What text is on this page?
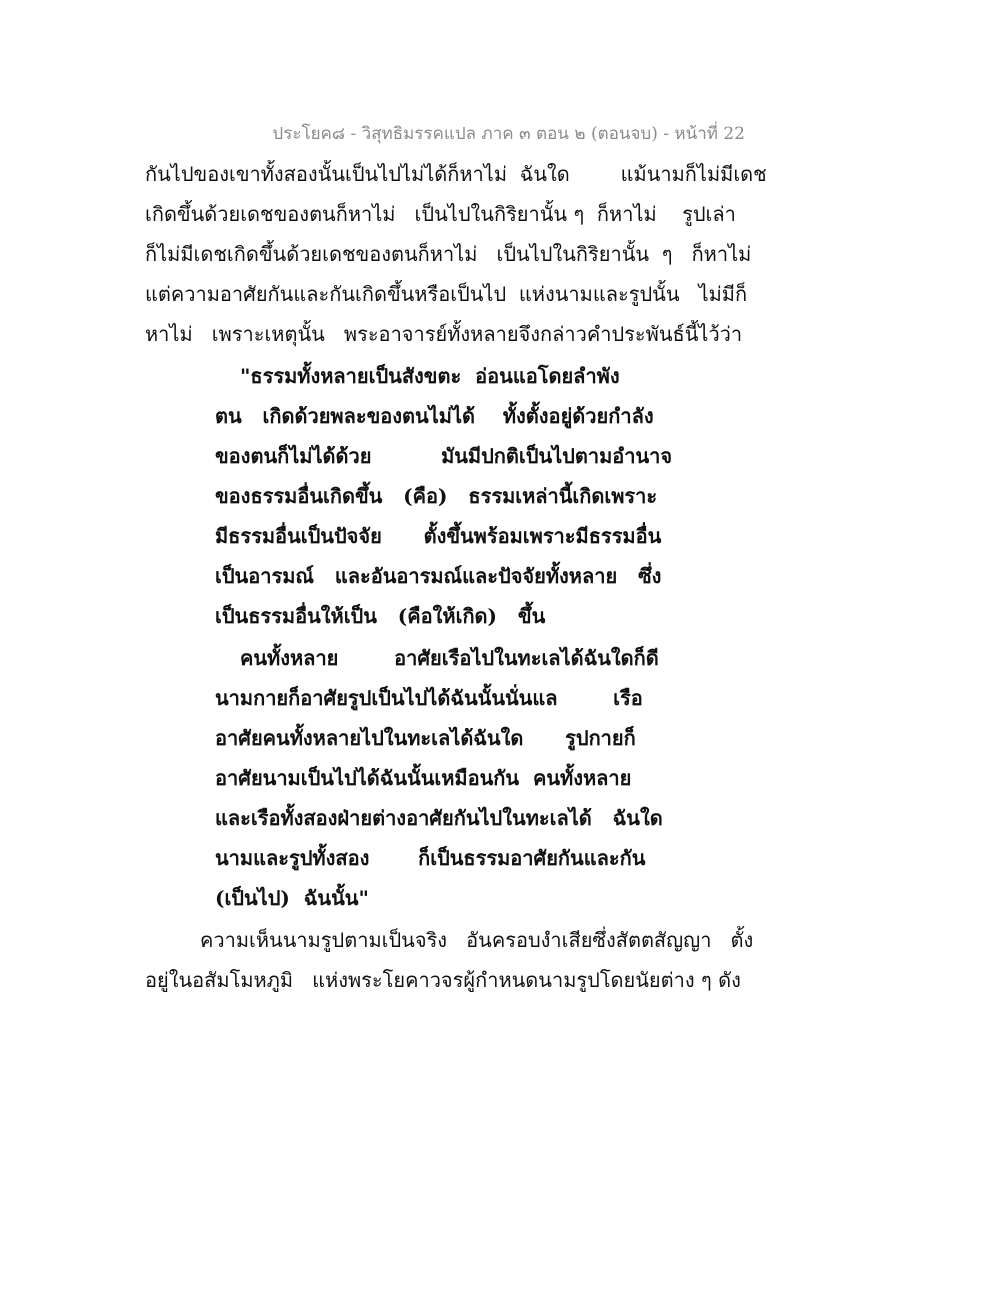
ประโยค๘ - วิสุทธิมรรคแปล ภาค ๓ ตอน ๒ (ตอนจบ) - หน้าที่ 22
กันไปของเขาทั้งสองนั้นเป็นไปไม่ได้ก็หาไม่  ฉันใด        แม้นามก็ไม่มีเดช
เกิดขึ้นด้วยเดชของตนก็หาไม่   เป็นไปในกิริยานั้น ๆ  ก็หาไม่    รูปเล่า
ก็ไม่มีเดชเกิดขึ้นด้วยเดชของตนก็หาไม่   เป็นไปในกิริยานั้น  ๆ   ก็หาไม่
แต่ความอาศัยกันและกันเกิดขึ้นหรือเป็นไป  แห่งนามและรูปนั้น   ไม่มีก็
หาไม่   เพราะเหตุนั้น   พระอาจารย์ทั้งหลายจึงกล่าวคำประพันธ์นี้ไว้ว่า
"ธรรมทั้งหลายเป็นสังขตะ  อ่อนแอโดยลำพัง
ตน   เกิดด้วยพละของตนไม่ได้    ทั้งตั้งอยู่ด้วยกำลัง
ของตนก็ไม่ได้ด้วย          มันมีปกติเป็นไปตามอำนาจ
ของธรรมอื่นเกิดขึ้น   (คือ)   ธรรมเหล่านี้เกิดเพราะ
มีธรรมอื่นเป็นปัจจัย      ตั้งขึ้นพร้อมเพราะมีธรรมอื่น
เป็นอารมณ์   และอันอารมณ์และปัจจัยทั้งหลาย   ซึ่ง
เป็นธรรมอื่นให้เป็น   (คือให้เกิด)   ขึ้น
คนทั้งหลาย        อาศัยเรือไปในทะเลได้ฉันใดก็ดี
นามกายก็อาศัยรูปเป็นไปได้ฉันนั้นนั่นแล        เรือ
อาศัยคนทั้งหลายไปในทะเลได้ฉันใด      รูปกายก็
อาศัยนามเป็นไปได้ฉันนั้นเหมือนกัน  คนทั้งหลาย
และเรือทั้งสองฝ่ายต่างอาศัยกันไปในทะเลได้   ฉันใด
นามและรูปทั้งสอง       ก็เป็นธรรมอาศัยกันและกัน
(เป็นไป)  ฉันนั้น"
ความเห็นนามรูปตามเป็นจริง   อันครอบงำเสียซึ่งสัตตสัญญา   ตั้ง
อยู่ในอสัมโมหภูมิ   แห่งพระโยคาวจรผู้กำหนดนามรูปโดยนัยต่าง ๆ ดัง
